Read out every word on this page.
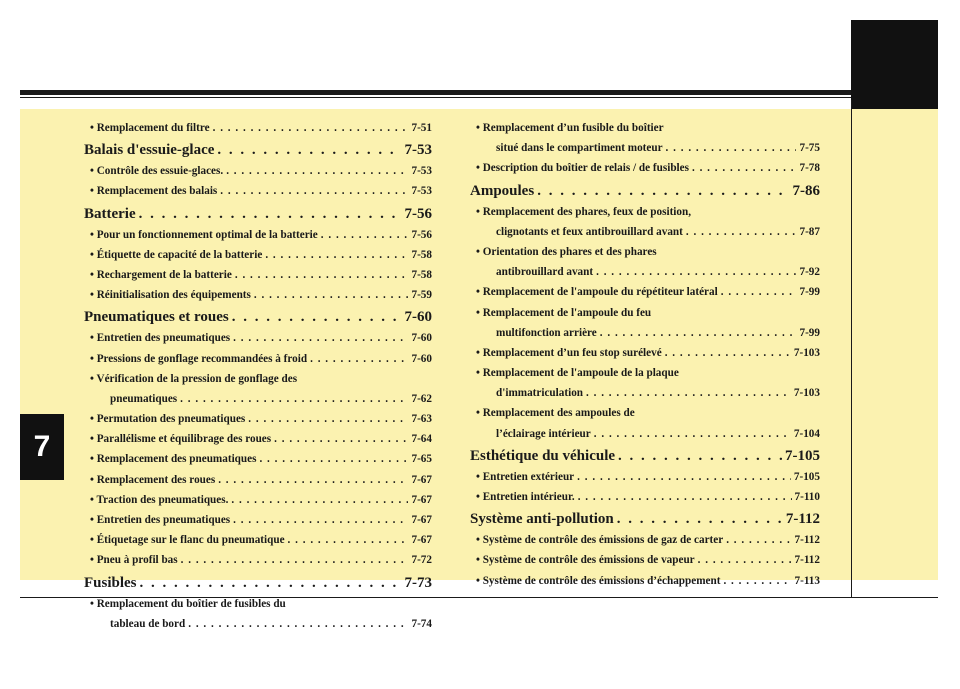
7
• Remplacement du filtre . . .	7-51
Balais d'essuie-glace . . .	7-53
• Contrôle des essuie-glaces. . . .	7-53
• Remplacement des balais . . .	7-53
Batterie . . .	7-56
• Pour un fonctionnement optimal de la batterie . . .	7-56
• Étiquette de capacité de la batterie . . .	7-58
• Rechargement de la batterie . . .	7-58
• Réinitialisation des équipements . . .	7-59
Pneumatiques et roues . . .	7-60
• Entretien des pneumatiques . . .	7-60
• Pressions de gonflage recommandées à froid . . .	7-60
• Vérification de la pression de gonflage des
pneumatiques . . .	7-62
• Permutation des pneumatiques . . .	7-63
• Parallélisme et équilibrage des roues . . .	7-64
• Remplacement des pneumatiques . . .	7-65
• Remplacement des roues . . .	7-67
• Traction des pneumatiques. . . .	7-67
• Entretien des pneumatiques . . .	7-67
• Étiquetage sur le flanc du pneumatique . . .	7-67
• Pneu à profil bas . . .	7-72
Fusibles . . .	7-73
• Remplacement du boîtier de fusibles du
tableau de bord . . .	7-74
• Remplacement d’un fusible du boîtier
situé dans le compartiment moteur . . .	7-75
• Description du boîtier de relais / de fusibles . . .	7-78
Ampoules . . .	7-86
• Remplacement des phares, feux de position,
clignotants et feux antibrouillard avant . . .	7-87
• Orientation des phares et des phares
antibrouillard avant . . .	7-92
• Remplacement de l'ampoule du répétiteur latéral . . .	7-99
• Remplacement de l'ampoule du feu
multifonction arrière . . .	7-99
• Remplacement d’un feu stop surélevé . . .	7-103
• Remplacement de l'ampoule de la plaque
d'immatriculation . . .	7-103
• Remplacement des ampoules de
l’éclairage intérieur . . .	7-104
Esthétique du véhicule . . .	7-105
• Entretien extérieur . . .	7-105
• Entretien intérieur. . . .	7-110
Système anti-pollution . . .	7-112
• Système de contrôle des émissions de gaz de carter . . .	7-112
• Système de contrôle des émissions de vapeur . . .	7-112
• Système de contrôle des émissions d’échappement . . .	7-113
